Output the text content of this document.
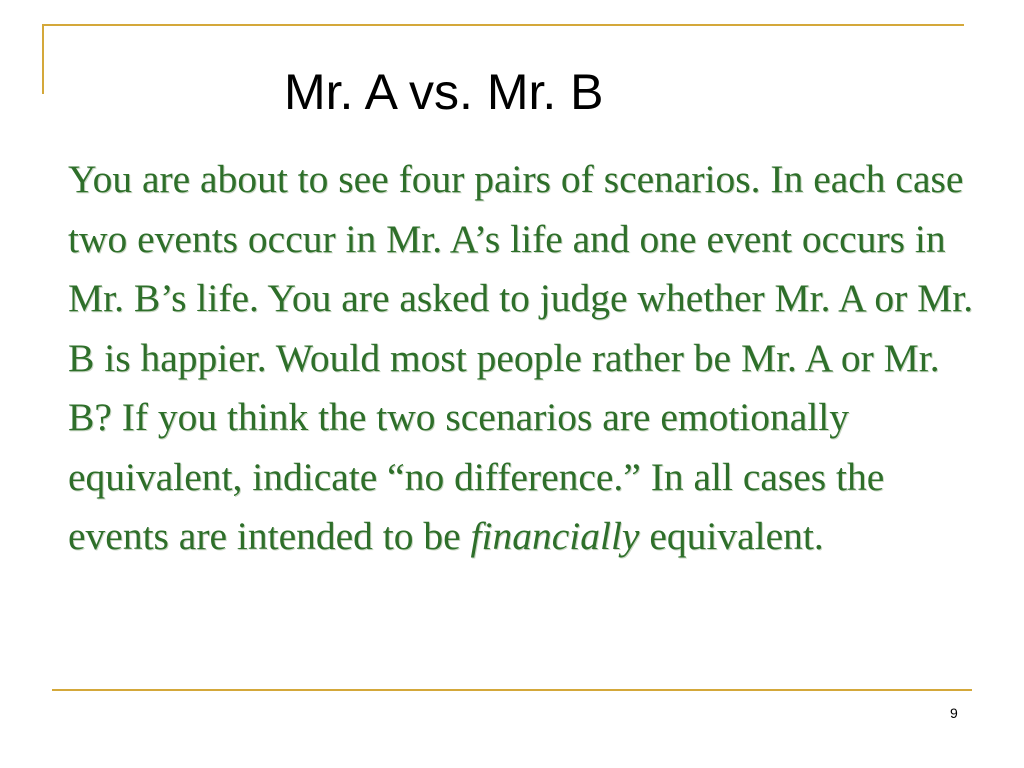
Mr. A vs. Mr. B
You are about to see four pairs of scenarios. In each case two events occur in Mr. A’s life and one event occurs in Mr. B’s life. You are asked to judge whether Mr. A or Mr. B is happier. Would most people rather be Mr. A or Mr. B? If you think the two scenarios are emotionally equivalent, indicate “no difference.” In all cases the events are intended to be financially equivalent.
9
